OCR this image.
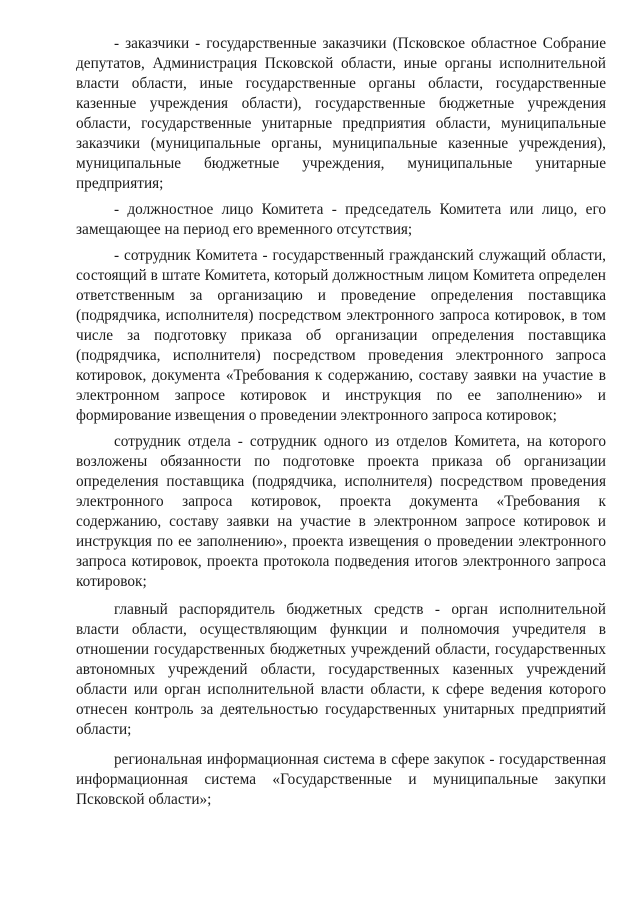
- заказчики - государственные заказчики (Псковское областное Собрание депутатов, Администрация Псковской области, иные органы исполнительной власти области, иные государственные органы области, государственные казенные учреждения области), государственные бюджетные учреждения области, государственные унитарные предприятия области, муниципальные заказчики (муниципальные органы, муниципальные казенные учреждения), муниципальные бюджетные учреждения, муниципальные унитарные предприятия;

- должностное лицо Комитета - председатель Комитета или лицо, его замещающее на период его временного отсутствия;

- сотрудник Комитета - государственный гражданский служащий области, состоящий в штате Комитета, который должностным лицом Комитета определен ответственным за организацию и проведение определения поставщика (подрядчика, исполнителя) посредством электронного запроса котировок, в том числе за подготовку приказа об организации определения поставщика (подрядчика, исполнителя) посредством проведения электронного запроса котировок, документа «Требования к содержанию, составу заявки на участие в электронном запросе котировок и инструкция по ее заполнению» и формирование извещения о проведении электронного запроса котировок;

сотрудник отдела - сотрудник одного из отделов Комитета, на которого возложены обязанности по подготовке проекта приказа об организации определения поставщика (подрядчика, исполнителя) посредством проведения электронного запроса котировок, проекта документа «Требования к содержанию, составу заявки на участие в электронном запросе котировок и инструкция по ее заполнению», проекта извещения о проведении электронного запроса котировок, проекта протокола подведения итогов электронного запроса котировок;

главный распорядитель бюджетных средств - орган исполнительной власти области, осуществляющим функции и полномочия учредителя в отношении государственных бюджетных учреждений области, государственных автономных учреждений области, государственных казенных учреждений области или орган исполнительной власти области, к сфере ведения которого отнесен контроль за деятельностью государственных унитарных предприятий области;

региональная информационная система в сфере закупок - государственная информационная система «Государственные и муниципальные закупки Псковской области»;
